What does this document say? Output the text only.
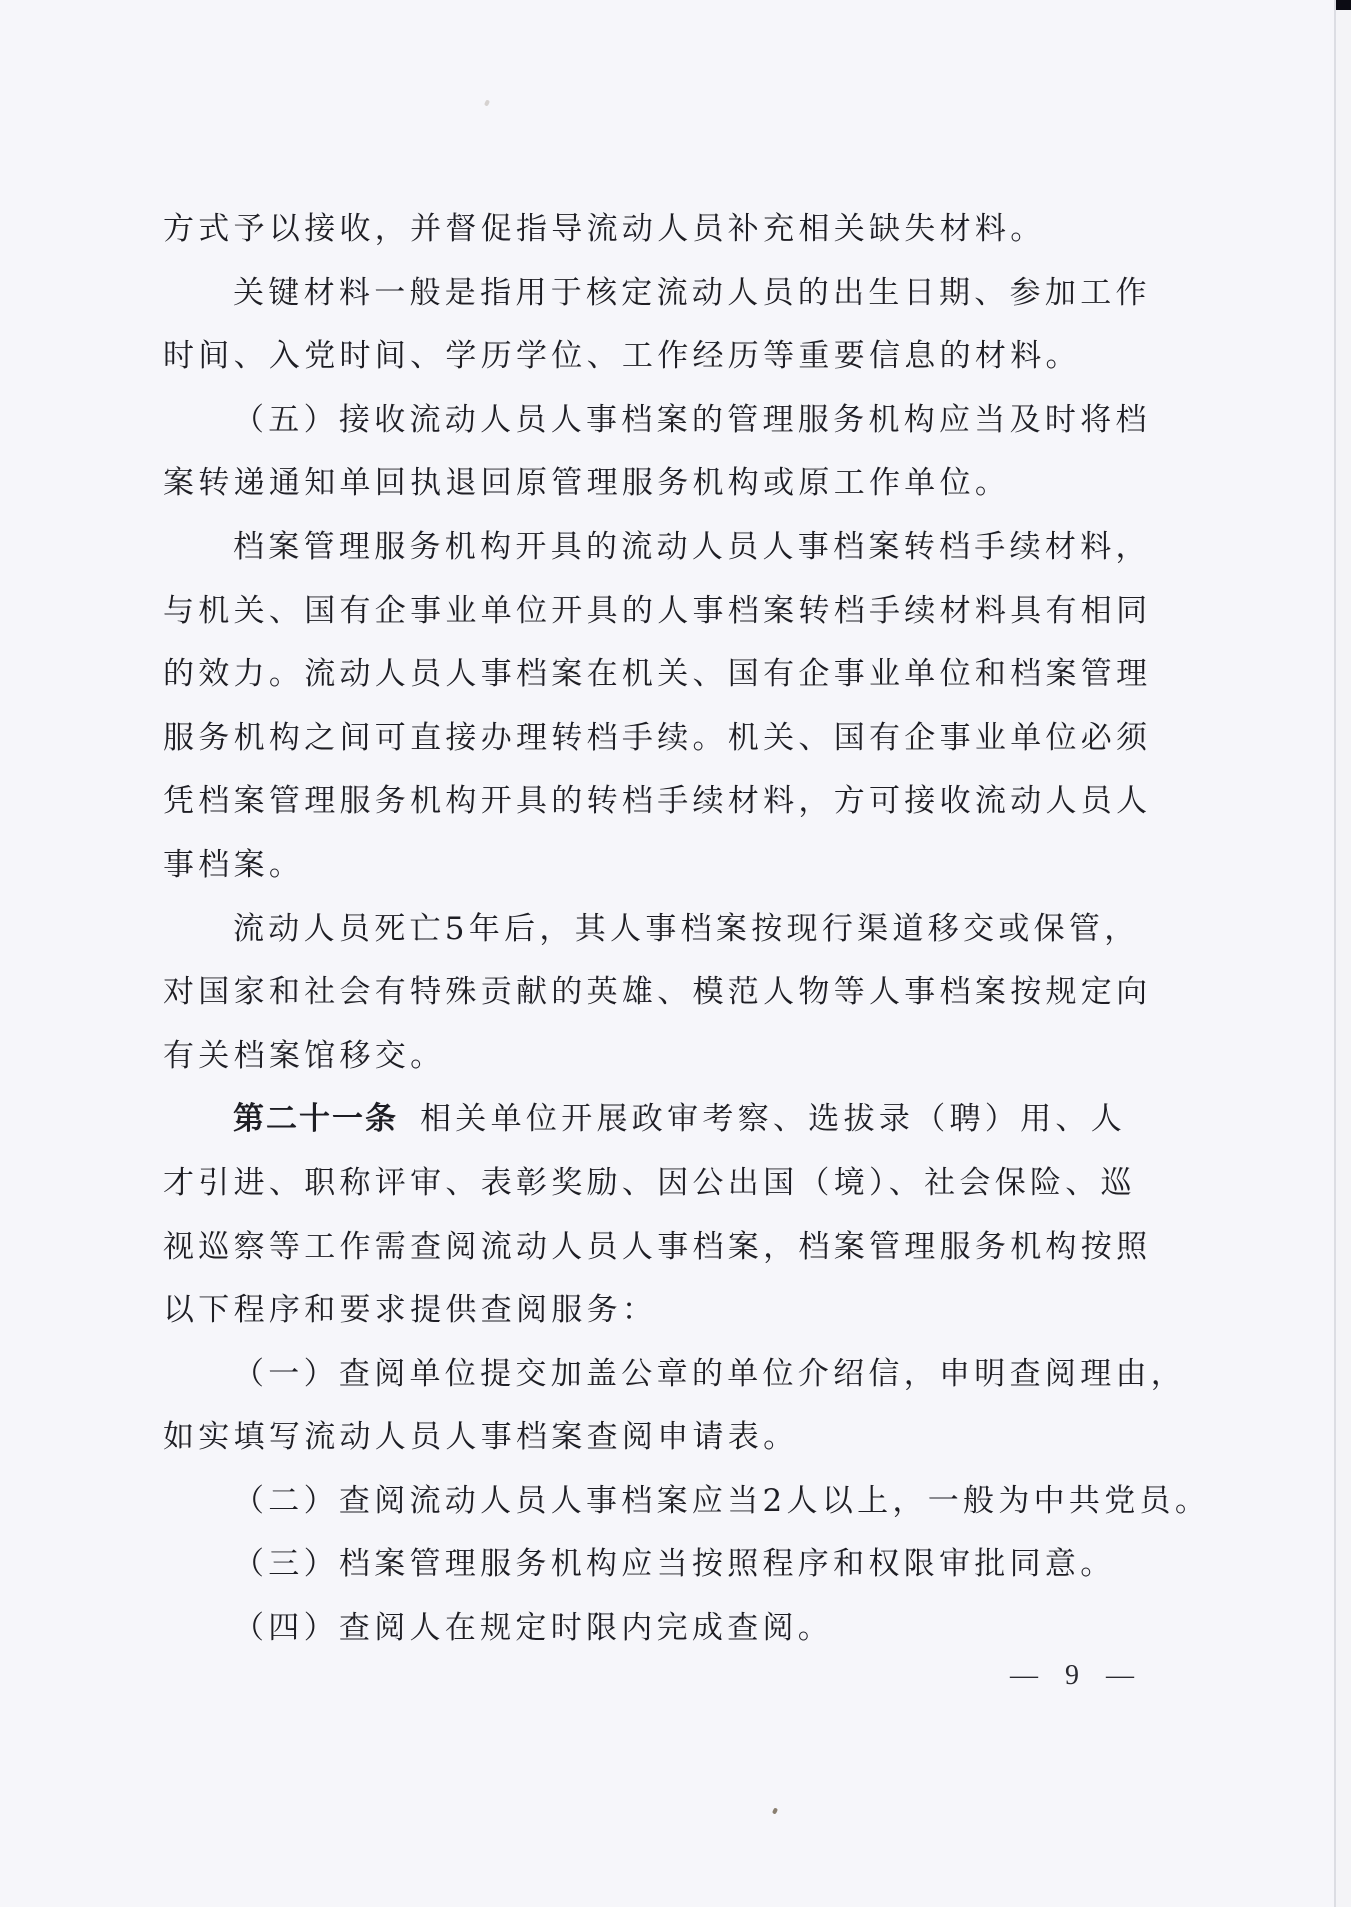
方式予以接收，并督促指导流动人员补充相关缺失材料。
关键材料一般是指用于核定流动人员的出生日期、参加工作
时间、入党时间、学历学位、工作经历等重要信息的材料。
（五）接收流动人员人事档案的管理服务机构应当及时将档
案转递通知单回执退回原管理服务机构或原工作单位。
档案管理服务机构开具的流动人员人事档案转档手续材料，
与机关、国有企事业单位开具的人事档案转档手续材料具有相同
的效力。流动人员人事档案在机关、国有企事业单位和档案管理
服务机构之间可直接办理转档手续。机关、国有企事业单位必须
凭档案管理服务机构开具的转档手续材料，方可接收流动人员人
事档案。
流动人员死亡5年后，其人事档案按现行渠道移交或保管，
对国家和社会有特殊贡献的英雄、模范人物等人事档案按规定向
有关档案馆移交。
第二十一条 相关单位开展政审考察、选拔录（聘）用、人
才引进、职称评审、表彰奖励、因公出国（境）、社会保险、巡
视巡察等工作需查阅流动人员人事档案，档案管理服务机构按照
以下程序和要求提供查阅服务：
（一）查阅单位提交加盖公章的单位介绍信，申明查阅理由，
如实填写流动人员人事档案查阅申请表。
（二）查阅流动人员人事档案应当2人以上，一般为中共党员。
（三）档案管理服务机构应当按照程序和权限审批同意。
（四）查阅人在规定时限内完成查阅。
— 9 —
